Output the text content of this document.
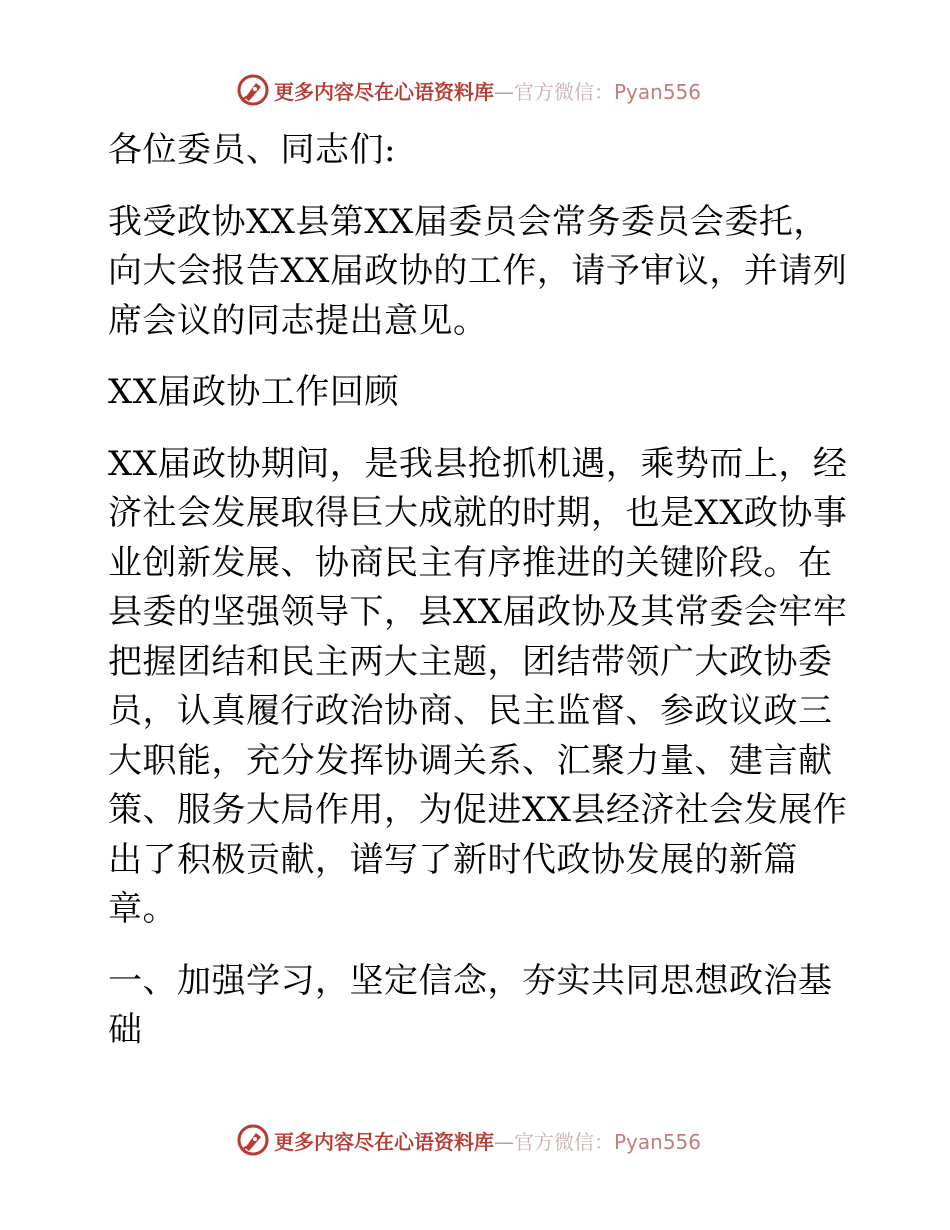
更多内容尽在心语资料库—官方微信：Pyan556

各位委员、同志们:

我受政协XX县第XX届委员会常务委员会委托，向大会报告XX届政协的工作，请予审议，并请列席会议的同志提出意见。

XX届政协工作回顾

XX届政协期间，是我县抢抓机遇，乘势而上，经济社会发展取得巨大成就的时期，也是XX政协事业创新发展、协商民主有序推进的关键阶段。在县委的坚强领导下，县XX届政协及其常委会牢牢把握团结和民主两大主题，团结带领广大政协委员，认真履行政治协商、民主监督、参政议政三大职能，充分发挥协调关系、汇聚力量、建言献策、服务大局作用，为促进XX县经济社会发展作出了积极贡献，谱写了新时代政协发展的新篇章。

一、加强学习，坚定信念，夯实共同思想政治基础

更多内容尽在心语资料库—官方微信：Pyan556
